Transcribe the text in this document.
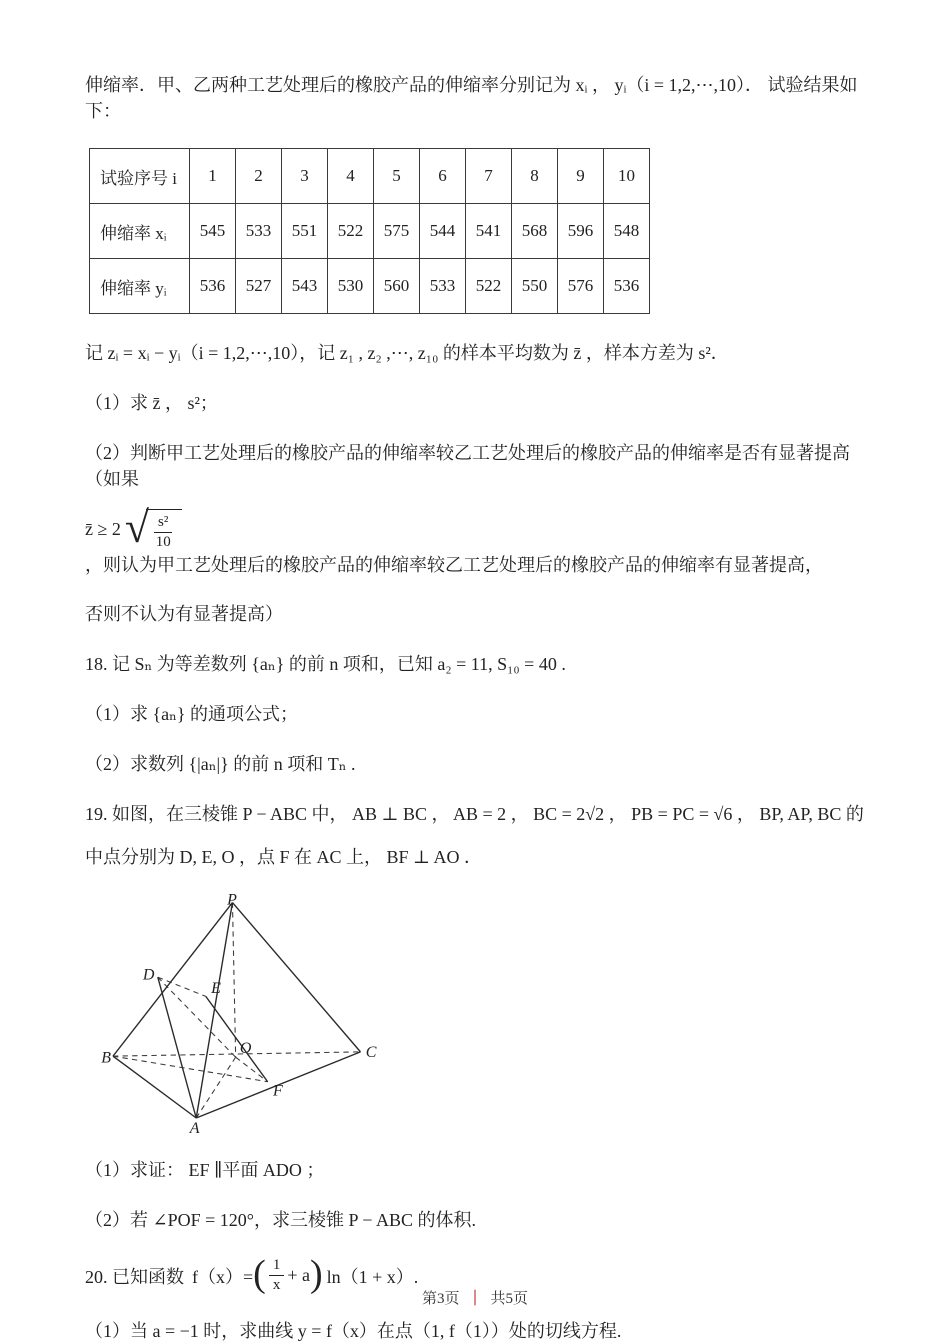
伸缩率．甲、乙两种工艺处理后的橡胶产品的伸缩率分别记为 xᵢ ， yᵢ（i = 1,2,⋯,10）． 试验结果如下：

试验序号 i	1	2	3	4	5	6	7	8	9	10
伸缩率 xᵢ	545	533	551	522	575	544	541	568	596	548
伸缩率 yᵢ	536	527	543	530	560	533	522	550	576	536

记 zᵢ = xᵢ − yᵢ（i = 1,2,⋯,10），记 z₁ , z₂ ,⋯, z₁₀ 的样本平均数为 z̄ ，样本方差为 s²．

（1）求 z̄ ， s²；

（2）判断甲工艺处理后的橡胶产品的伸缩率较乙工艺处理后的橡胶产品的伸缩率是否有显著提高（如果

z̄ ≥ 2 √ $\frac{\text{s²}}{10}$
，则认为甲工艺处理后的橡胶产品的伸缩率较乙工艺处理后的橡胶产品的伸缩率有显著提高，

否则不认为有显著提高）

18. 记 Sₙ 为等差数列 {aₙ} 的前 n 项和，已知 a₂ = 11, S₁₀ = 40 .

（1）求 {aₙ} 的通项公式；

（2）求数列 {|aₙ|} 的前 n 项和 Tₙ .

19. 如图，在三棱锥 P − ABC 中， AB ⊥ BC ， AB = 2 ， BC = 2√2 ， PB = PC = √6 ， BP, AP, BC 的

中点分别为 D, E, O ，点 F 在 AC 上， BF ⊥ AO ．

P
D
E
B
O	C
F
A

（1）求证： EF ∥平面 ADO ；

（2）若 ∠POF = 120°，求三棱锥 P − ABC 的体积.

20. 已知函数 f（x）= ( $\frac{1}{x} + a$ ) ln（1 + x）.

（1）当 a = −1 时，求曲线 y = f（x）在点（1, f（1））处的切线方程.

第3页 ｜ 共5页
